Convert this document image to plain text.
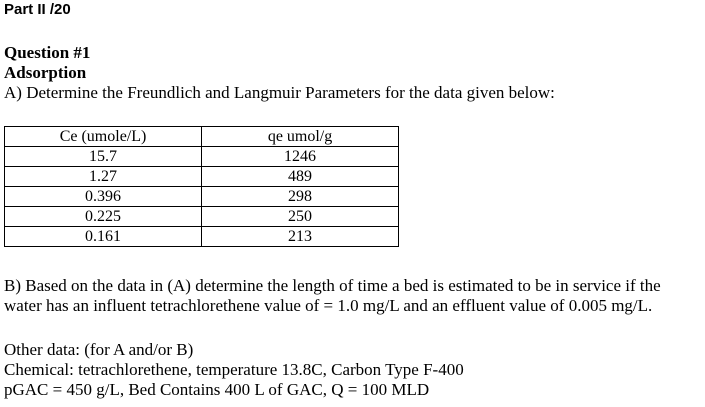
Part II /20
Question #1
Adsorption
A) Determine the Freundlich and Langmuir Parameters for the data given below:
Ce (umole/L)	qe umol/g
15.7	1246
1.27	489
0.396	298
0.225	250
0.161	213
B) Based on the data in (A) determine the length of time a bed is estimated to be in service if the
water has an influent tetrachlorethene value of = 1.0 mg/L and an effluent value of 0.005 mg/L.
Other data: (for A and/or B)
Chemical: tetrachlorethene, temperature 13.8C, Carbon Type F-400
pGAC = 450 g/L, Bed Contains 400 L of GAC, Q = 100 MLD
